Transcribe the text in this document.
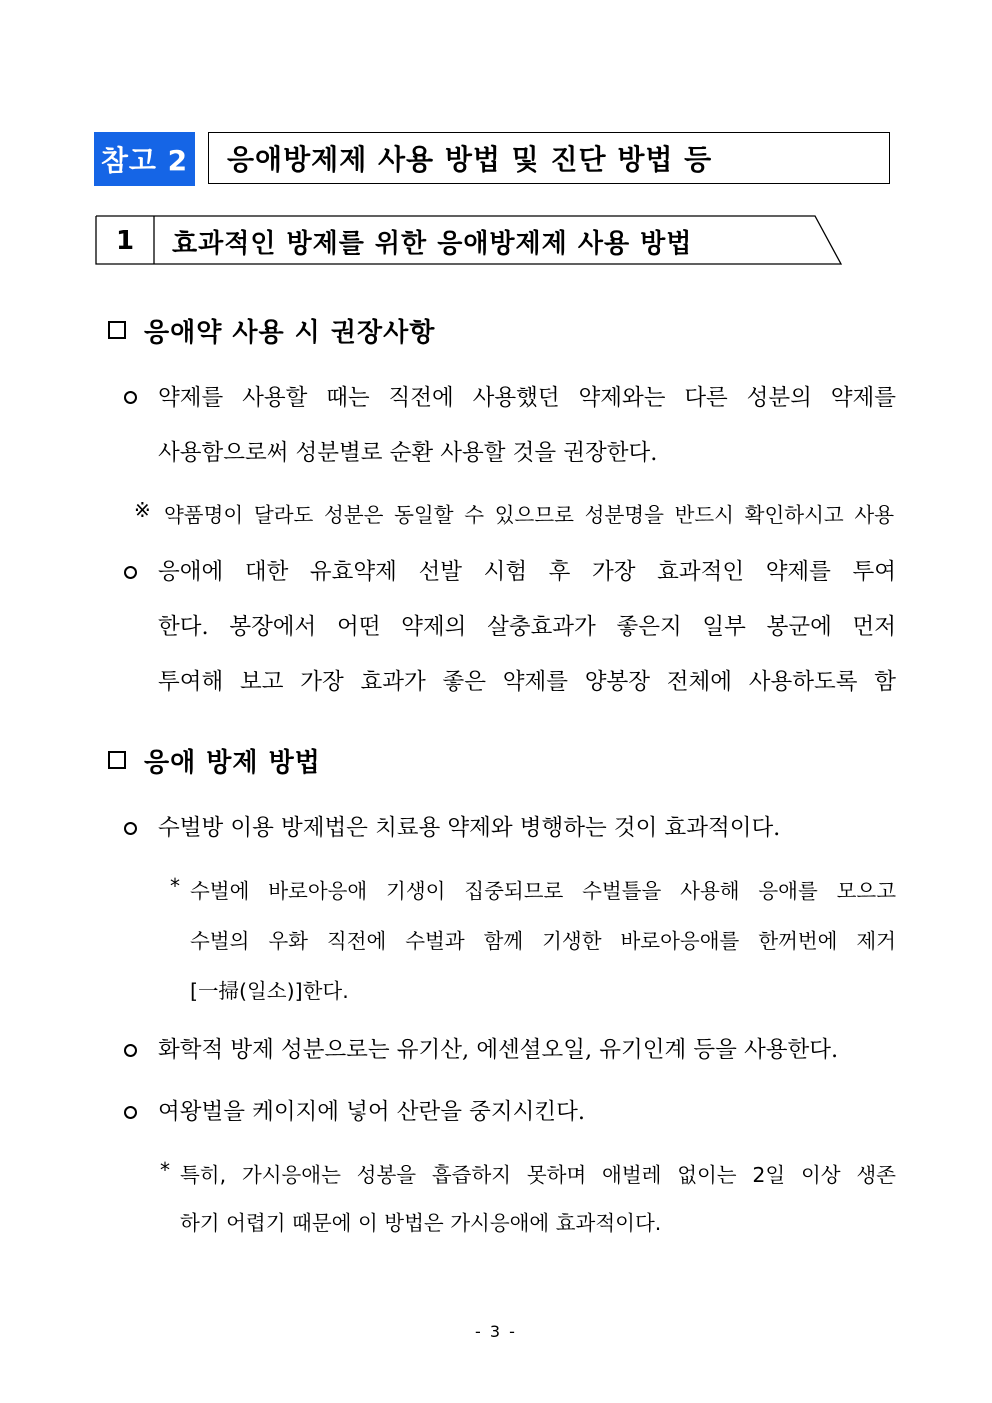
참고 2	응애방제제 사용 방법 및 진단 방법 등
1	효과적인 방제를 위한 응애방제제 사용 방법
응애약 사용 시 권장사항
약제를 사용할 때는 직전에 사용했던 약제와는 다른 성분의 약제를
사용함으로써 성분별로 순환 사용할 것을 권장한다.
※ 약품명이 달라도 성분은 동일할 수 있으므로 성분명을 반드시 확인하시고 사용
응애에 대한 유효약제 선발 시험 후 가장 효과적인 약제를 투여
한다. 봉장에서 어떤 약제의 살충효과가 좋은지 일부 봉군에 먼저
투여해 보고 가장 효과가 좋은 약제를 양봉장 전체에 사용하도록 함
응애 방제 방법
수벌방 이용 방제법은 치료용 약제와 병행하는 것이 효과적이다.
* 수벌에 바로아응애 기생이 집중되므로 수벌틀을 사용해 응애를 모으고
수벌의 우화 직전에 수벌과 함께 기생한 바로아응애를 한꺼번에 제거
[一掃(일소)]한다.
화학적 방제 성분으로는 유기산, 에센셜오일, 유기인계 등을 사용한다.
여왕벌을 케이지에 넣어 산란을 중지시킨다.
* 특히, 가시응애는 성봉을 흡즙하지 못하며 애벌레 없이는 2일 이상 생존
하기 어렵기 때문에 이 방법은 가시응애에 효과적이다.
- 3 -
